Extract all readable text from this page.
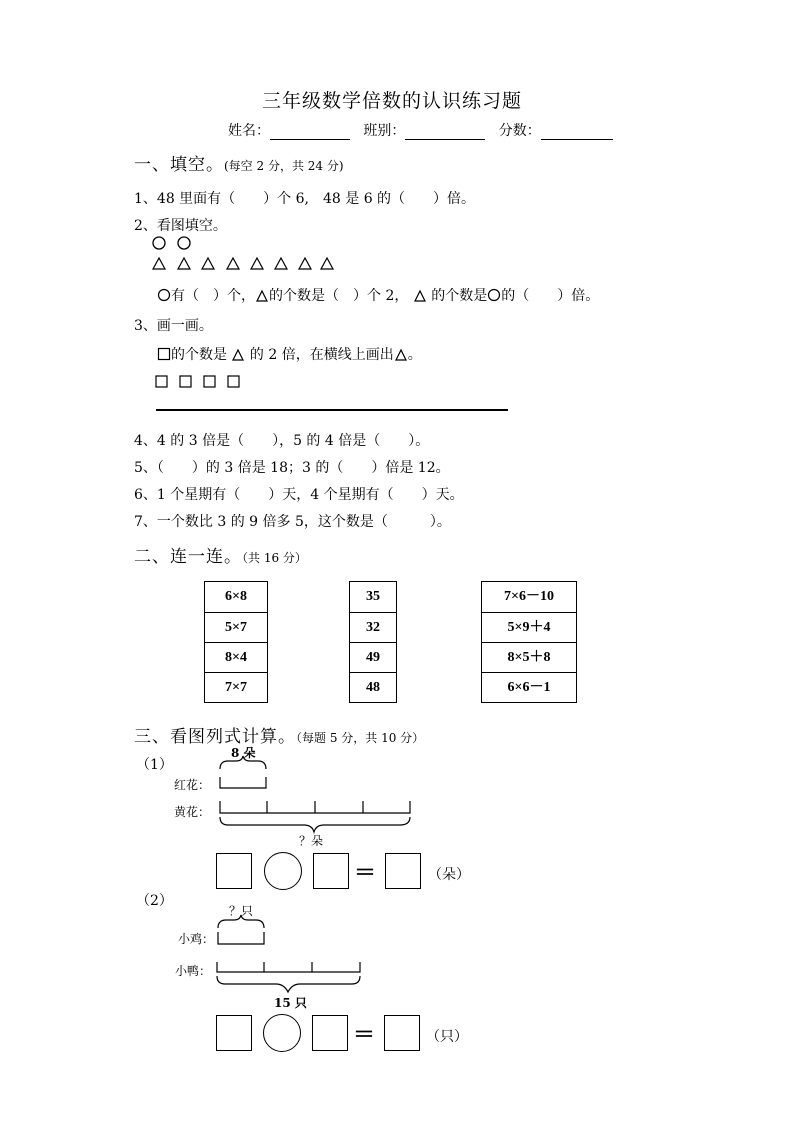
三年级数学倍数的认识练习题
姓名：	班别：	分数：
一、填空。(每空 2 分，共 24 分)
1、48 里面有（　　）个 6,　48 是 6 的（　　）倍。
2、看图填空。
有（　）个， 的个数是（　）个 2， 的个数是 的（　　）倍。
3、画一画。
的个数是 的 2 倍，在横线上画出 。
4、4 的 3 倍是（　　），5 的 4 倍是（　　）。
5、（　　）的 3 倍是 18；3 的（　　）倍是 12。
6、1 个星期有（　　）天，4 个星期有（　　）天。
7、一个数比 3 的 9 倍多 5，这个数是（　　　）。
二、连一连。（共 16 分）
6×8
5×7
8×4
7×7
35
32
49
48
7×6－10
5×9＋4
8×5＋8
6×6－1
三、看图列式计算。（每题 5 分，共 10 分）
（1）
8 朵
红花：
黄花：
？朵
＝	（朵）
（2）
？只
小鸡：
小鸭：
15 只
＝	（只）
